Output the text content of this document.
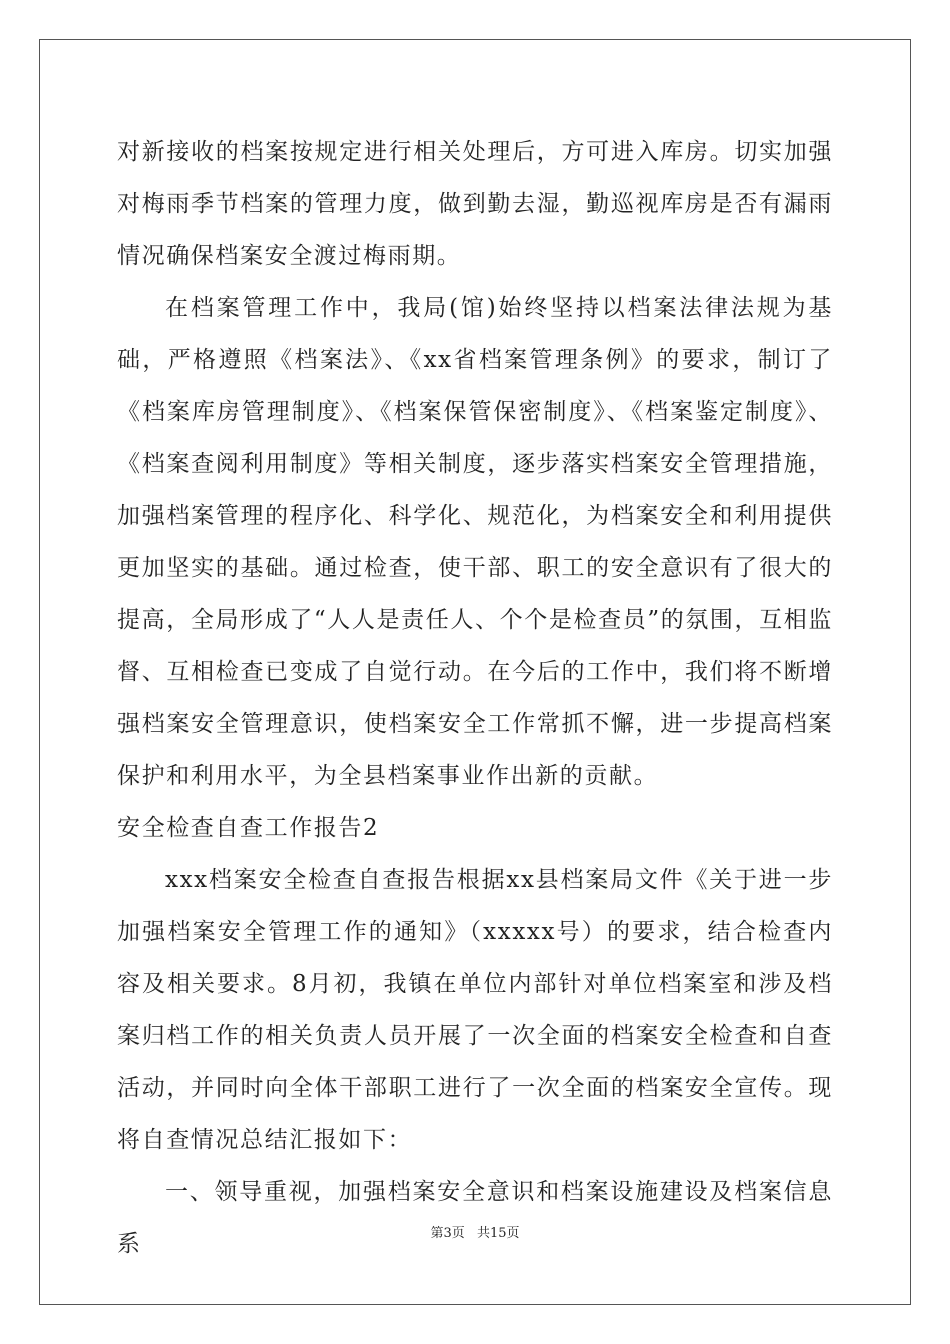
对新接收的档案按规定进行相关处理后，方可进入库房。切实加强对梅雨季节档案的管理力度，做到勤去湿，勤巡视库房是否有漏雨情况确保档案安全渡过梅雨期。

在档案管理工作中，我局(馆)始终坚持以档案法律法规为基础，严格遵照《档案法》、《xx省档案管理条例》的要求，制订了《档案库房管理制度》、《档案保管保密制度》、《档案鉴定制度》、《档案查阅利用制度》等相关制度，逐步落实档案安全管理措施，加强档案管理的程序化、科学化、规范化，为档案安全和利用提供更加坚实的基础。通过检查，使干部、职工的安全意识有了很大的提高，全局形成了“人人是责任人、个个是检查员”的氛围，互相监督、互相检查已变成了自觉行动。在今后的工作中，我们将不断增强档案安全管理意识，使档案安全工作常抓不懈，进一步提高档案保护和利用水平，为全县档案事业作出新的贡献。

安全检查自查工作报告2

xxx档案安全检查自查报告根据xx县档案局文件《关于进一步加强档案安全管理工作的通知》（xxxxx号）的要求，结合检查内容及相关要求。8月初，我镇在单位内部针对单位档案室和涉及档案归档工作的相关负责人员开展了一次全面的档案安全检查和自查活动，并同时向全体干部职工进行了一次全面的档案安全宣传。现将自查情况总结汇报如下：

一、领导重视，加强档案安全意识和档案设施建设及档案信息系	第3页 共15页
